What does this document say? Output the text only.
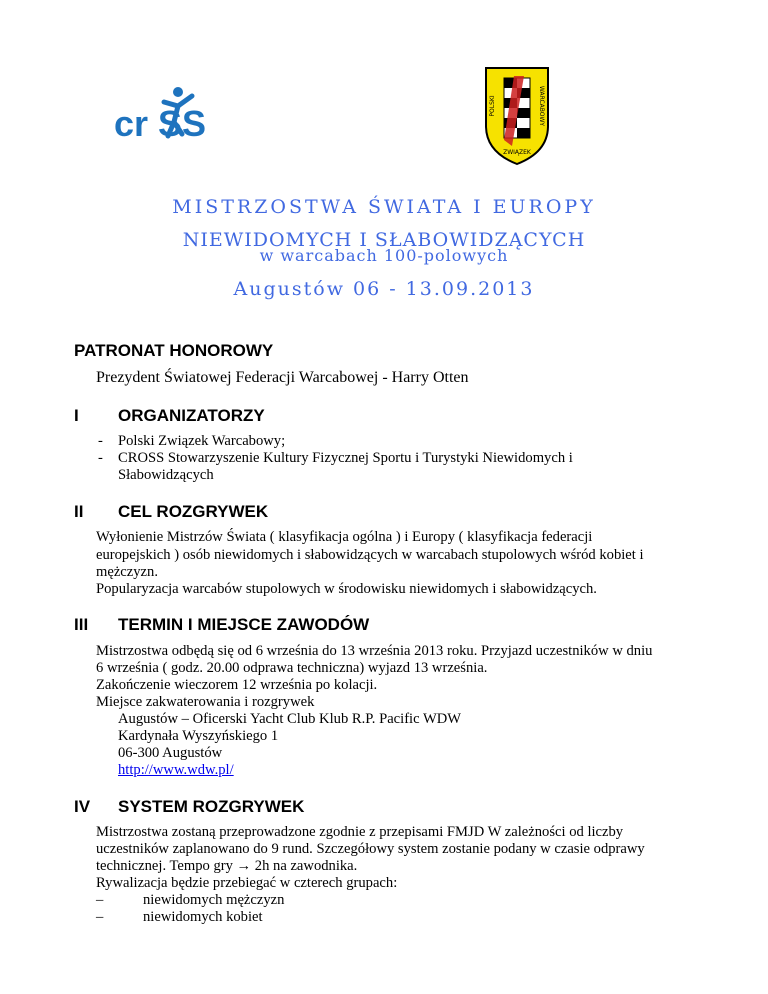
cr SS	POLSKI	WARCABOWY
ZWIĄZEK
MISTRZOSTWA ŚWIATA I EUROPY
NIEWIDOMYCH I SŁABOWIDZĄCYCH
w warcabach 100-polowych
Augustów 06 - 13.09.2013
PATRONAT HONOROWY
Prezydent Światowej Federacji Warcabowej - Harry Otten
I ORGANIZATORZY
- Polski Związek Warcabowy;
- CROSS Stowarzyszenie Kultury Fizycznej Sportu i Turystyki Niewidomych i
Słabowidzących
II CEL ROZGRYWEK
Wyłonienie Mistrzów Świata ( klasyfikacja ogólna ) i Europy ( klasyfikacja federacji
europejskich ) osób niewidomych i słabowidzących w warcabach stupolowych wśród kobiet i
mężczyzn.
Popularyzacja warcabów stupolowych w środowisku niewidomych i słabowidzących.
III TERMIN I MIEJSCE ZAWODÓW
Mistrzostwa odbędą się od 6 września do 13 września 2013 roku. Przyjazd uczestników w dniu
6 września ( godz. 20.00 odprawa techniczna) wyjazd 13 września.
Zakończenie wieczorem 12 września po kolacji.
Miejsce zakwaterowania i rozgrywek
Augustów – Oficerski Yacht Club Klub R.P. Pacific WDW
Kardynała Wyszyńskiego 1
06-300 Augustów
http://www.wdw.pl/
IV SYSTEM ROZGRYWEK
Mistrzostwa zostaną przeprowadzone zgodnie z przepisami FMJD W zależności od liczby
uczestników zaplanowano do 9 rund. Szczegółowy system zostanie podany w czasie odprawy
technicznej. Tempo gry → 2h na zawodnika.
Rywalizacja będzie przebiegać w czterech grupach:
–	niewidomych mężczyzn
–	niewidomych kobiet
